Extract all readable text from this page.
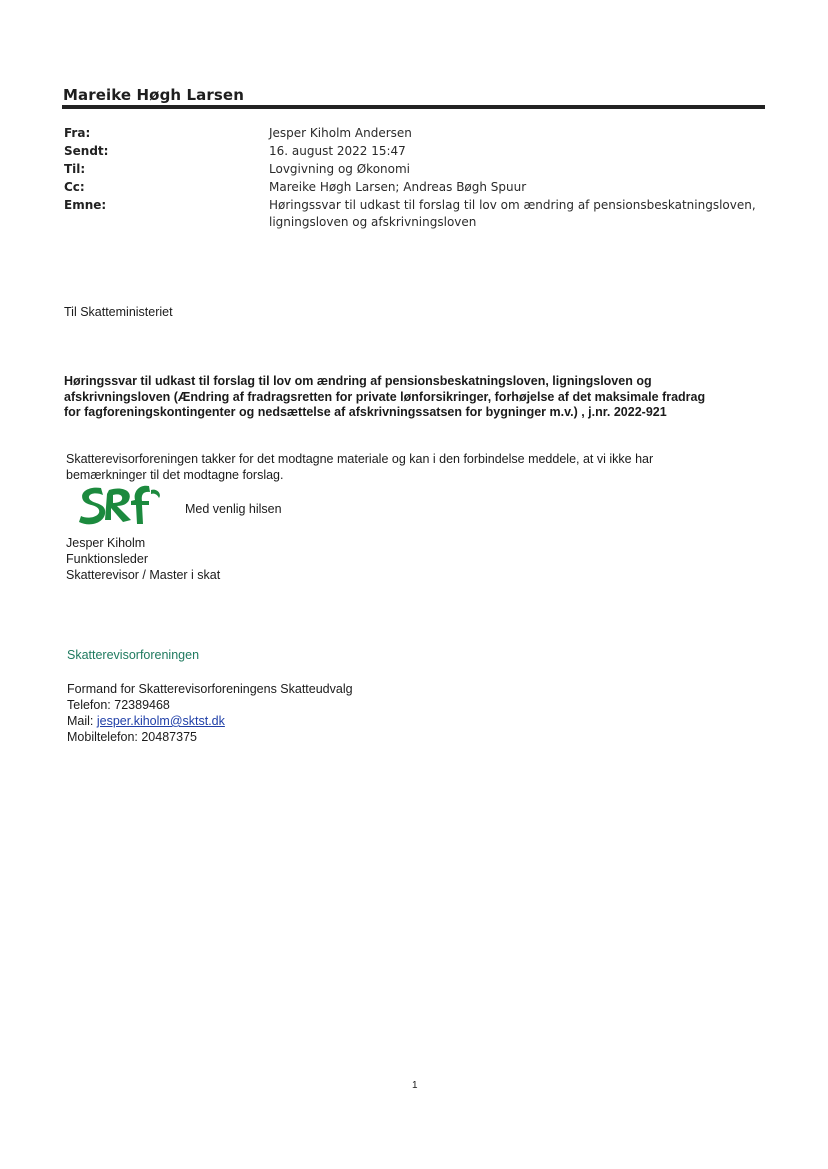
Mareike Høgh Larsen
Fra:	Jesper Kiholm Andersen
Sendt:	16. august 2022 15:47
Til:	Lovgivning og Økonomi
Cc:	Mareike Høgh Larsen; Andreas Bøgh Spuur
Emne:	Høringssvar til udkast til forslag til lov om ændring af pensionsbeskatningsloven,
ligningsloven og afskrivningsloven
Til Skatteministeriet
Høringssvar til udkast til forslag til lov om ændring af pensionsbeskatningsloven, ligningsloven og
afskrivningsloven (Ændring af fradragsretten for private lønforsikringer, forhøjelse af det maksimale fradrag
for fagforeningskontingenter og nedsættelse af afskrivningssatsen for bygninger m.v.) , j.nr. 2022-921
Skatterevisorforeningen takker for det modtagne materiale og kan i den forbindelse meddele, at vi ikke har
bemærkninger til det modtagne forslag.
Med venlig hilsen
Jesper Kiholm
Funktionsleder
Skatterevisor / Master i skat
Skatterevisorforeningen
Formand for Skatterevisorforeningens Skatteudvalg
Telefon: 72389468
Mail: jesper.kiholm@sktst.dk
Mobiltelefon: 20487375
1
